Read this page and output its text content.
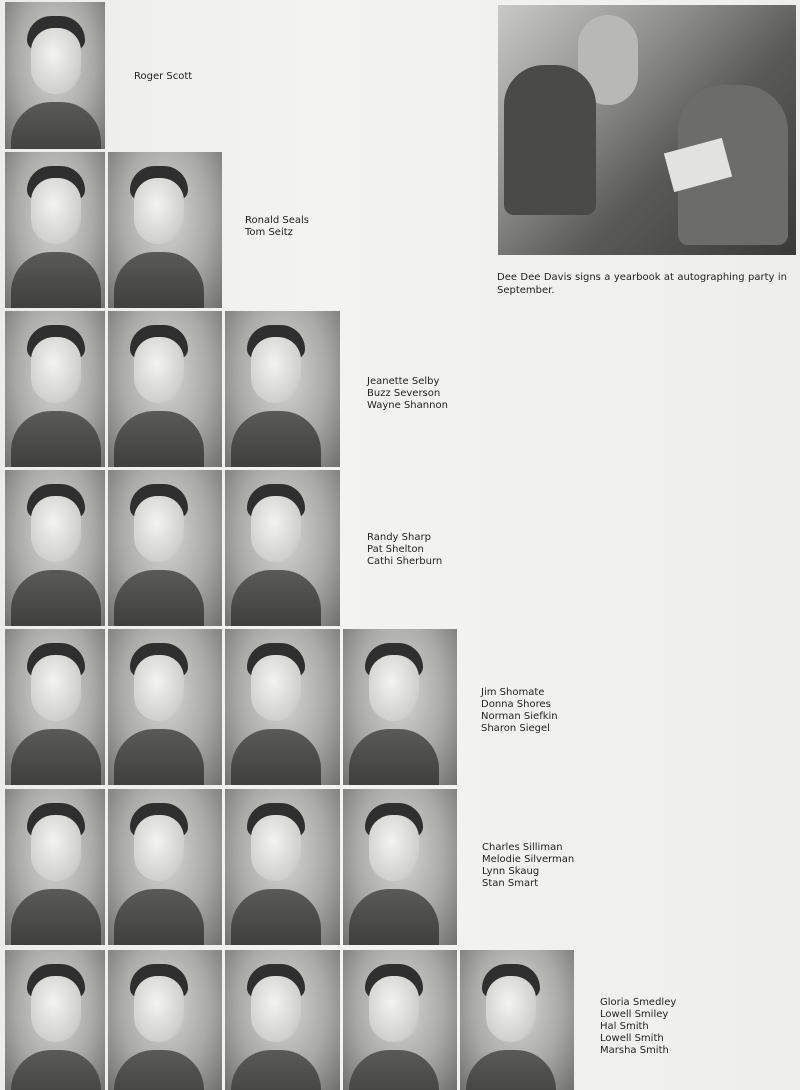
Roger Scott
Ronald Seals
Tom Seitz
Jeanette Selby
Buzz Severson
Wayne Shannon
Randy Sharp
Pat Shelton
Cathi Sherburn
Jim Shomate
Donna Shores
Norman Siefkin
Sharon Siegel
Charles Silliman
Melodie Silverman
Lynn Skaug
Stan Smart
Gloria Smedley
Lowell Smiley
Hal Smith
Lowell Smith
Marsha Smith
Dee Dee Davis signs a yearbook at autographing party in September.
